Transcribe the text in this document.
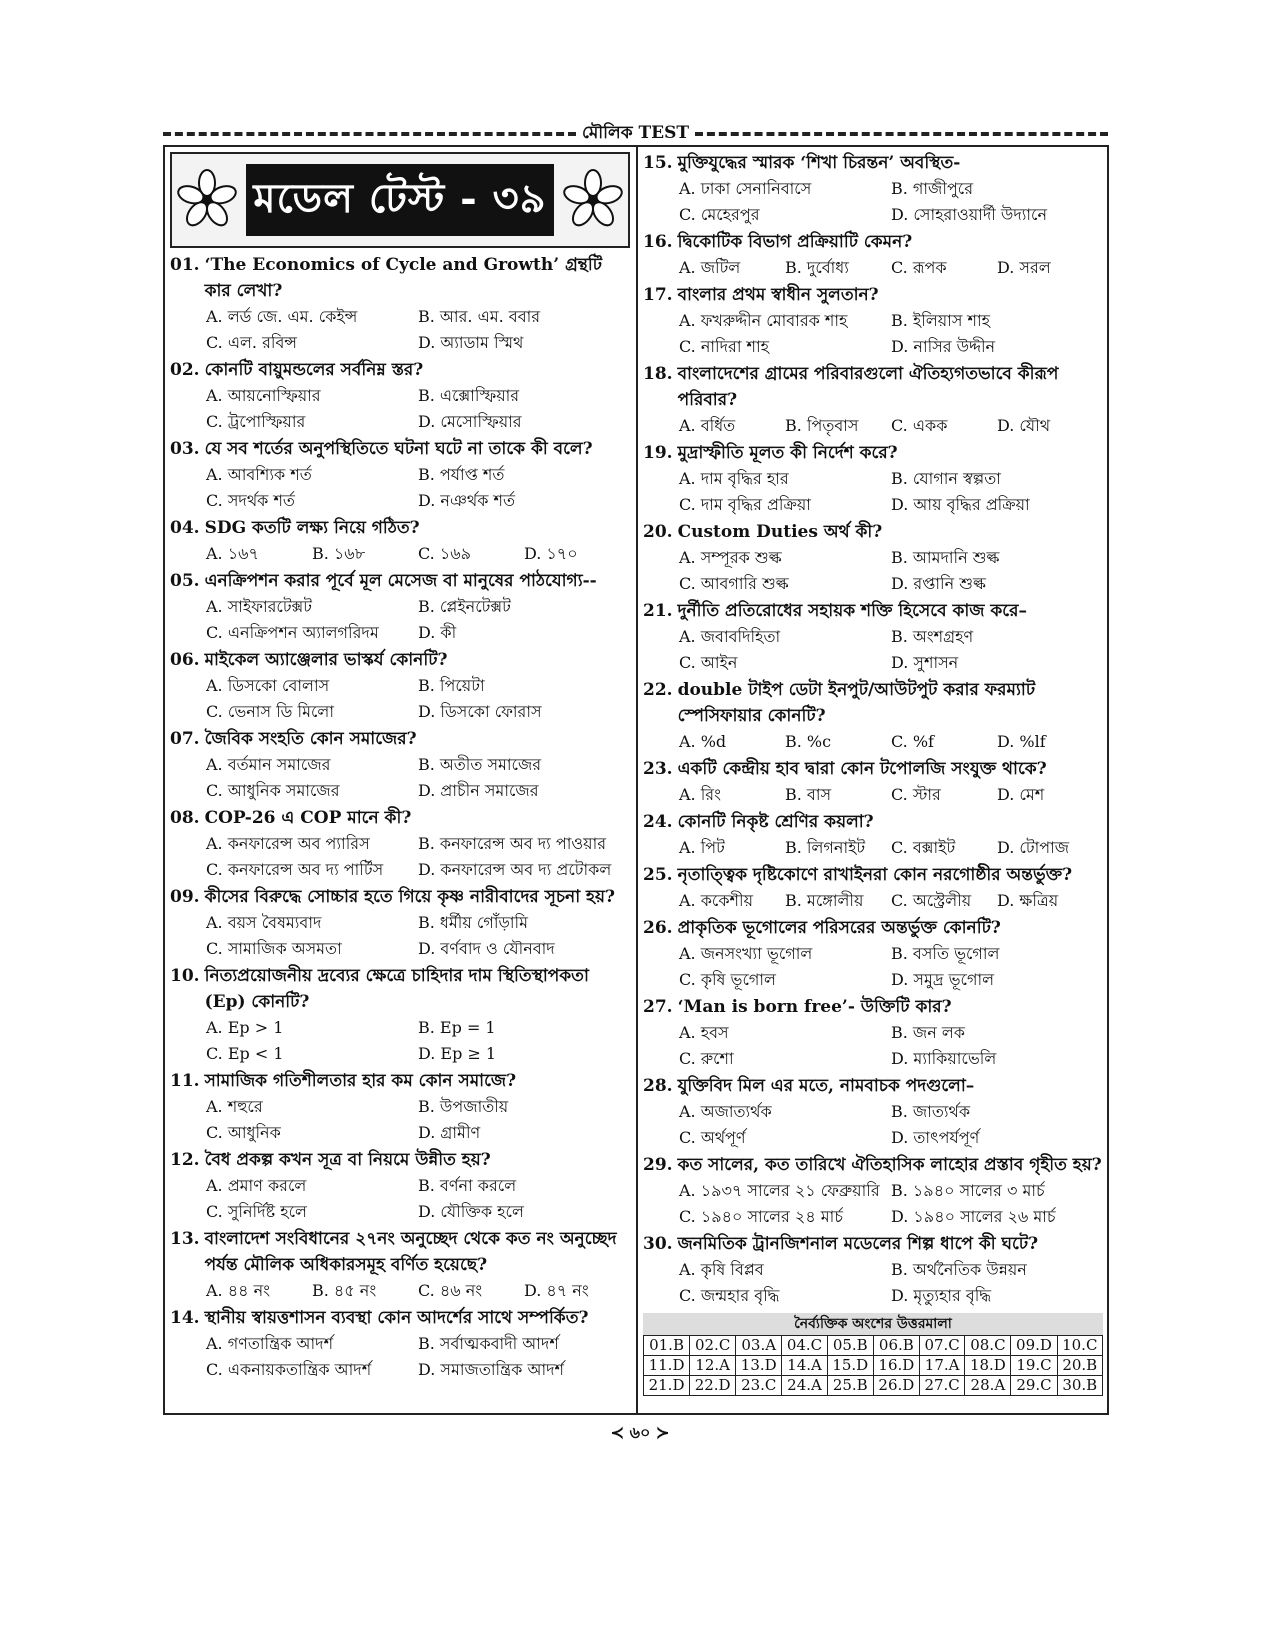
মৌলিক TEST
মডেল টেস্ট - ৩৯
01. ‘The Economics of Cycle and Growth’ গ্রন্থটি কার লেখা?
A. লর্ড জে. এম. কেইন্স	B. আর. এম. ববার
C. এল. রবিন্স	D. অ্যাডাম স্মিথ
02. কোনটি বায়ুমন্ডলের সর্বনিম্ন স্তর?
A. আয়নোস্ফিয়ার	B. এক্সোস্ফিয়ার
C. ট্রপোস্ফিয়ার	D. মেসোস্ফিয়ার
03. যে সব শর্তের অনুপস্থিতিতে ঘটনা ঘটে না তাকে কী বলে?
A. আবশ্যিক শর্ত	B. পর্যাপ্ত শর্ত
C. সদর্থক শর্ত	D. নঞর্থক শর্ত
04. SDG কতটি লক্ষ্য নিয়ে গঠিত?
A. ১৬৭	B. ১৬৮	C. ১৬৯	D. ১৭০
05. এনক্রিপশন করার পূর্বে মূল মেসেজ বা মানুষের পাঠযোগ্য--
A. সাইফারটেক্সট	B. প্লেইনটেক্সট
C. এনক্রিপশন অ্যালগরিদম	D. কী
06. মাইকেল অ্যাঞ্জেলার ভাস্কর্য কোনটি?
A. ডিসকো বোলাস	B. পিয়েটা
C. ভেনাস ডি মিলো	D. ডিসকো ফোরাস
07. জৈবিক সংহতি কোন সমাজের?
A. বর্তমান সমাজের	B. অতীত সমাজের
C. আধুনিক সমাজের	D. প্রাচীন সমাজের
08. COP-26 এ COP মানে কী?
A. কনফারেন্স অব প্যারিস	B. কনফারেন্স অব দ্য পাওয়ার
C. কনফারেন্স অব দ্য পার্টিস	D. কনফারেন্স অব দ্য প্রটোকল
09. কীসের বিরুদ্ধে সোচ্চার হতে গিয়ে কৃষ্ণ নারীবাদের সূচনা হয়?
A. বয়স বৈষম্যবাদ	B. ধর্মীয় গোঁড়ামি
C. সামাজিক অসমতা	D. বর্ণবাদ ও যৌনবাদ
10. নিত্যপ্রয়োজনীয় দ্রব্যের ক্ষেত্রে চাহিদার দাম স্থিতিস্থাপকতা (Ep) কোনটি?
A. Ep > 1	B. Ep = 1
C. Ep < 1	D. Ep ≥ 1
11. সামাজিক গতিশীলতার হার কম কোন সমাজে?
A. শহুরে	B. উপজাতীয়
C. আধুনিক	D. গ্রামীণ
12. বৈধ প্রকল্প কখন সূত্র বা নিয়মে উন্নীত হয়?
A. প্রমাণ করলে	B. বর্ণনা করলে
C. সুনির্দিষ্ট হলে	D. যৌক্তিক হলে
13. বাংলাদেশ সংবিধানের ২৭নং অনুচ্ছেদ থেকে কত নং অনুচ্ছেদ পর্যন্ত মৌলিক অধিকারসমূহ বর্ণিত হয়েছে?
A. ৪৪ নং	B. ৪৫ নং	C. ৪৬ নং	D. ৪৭ নং
14. স্থানীয় স্বায়ত্তশাসন ব্যবস্থা কোন আদর্শের সাথে সম্পর্কিত?
A. গণতান্ত্রিক আদর্শ	B. সর্বাত্মকবাদী আদর্শ
C. একনায়কতান্ত্রিক আদর্শ	D. সমাজতান্ত্রিক আদর্শ
15. মুক্তিযুদ্ধের স্মারক ‘শিখা চিরন্তন’ অবস্থিত-
A. ঢাকা সেনানিবাসে	B. গাজীপুরে
C. মেহেরপুর	D. সোহরাওয়ার্দী উদ্যানে
16. দ্বিকোটিক বিভাগ প্রক্রিয়াটি কেমন?
A. জটিল	B. দুর্বোধ্য	C. রূপক	D. সরল
17. বাংলার প্রথম স্বাধীন সুলতান?
A. ফখরুদ্দীন মোবারক শাহ	B. ইলিয়াস শাহ
C. নাদিরা শাহ	D. নাসির উদ্দীন
18. বাংলাদেশের গ্রামের পরিবারগুলো ঐতিহ্যগতভাবে কীরূপ পরিবার?
A. বর্ধিত	B. পিতৃবাস	C. একক	D. যৌথ
19. মুদ্রাস্ফীতি মূলত কী নির্দেশ করে?
A. দাম বৃদ্ধির হার	B. যোগান স্বল্পতা
C. দাম বৃদ্ধির প্রক্রিয়া	D. আয় বৃদ্ধির প্রক্রিয়া
20. Custom Duties অর্থ কী?
A. সম্পূরক শুল্ক	B. আমদানি শুল্ক
C. আবগারি শুল্ক	D. রপ্তানি শুল্ক
21. দুর্নীতি প্রতিরোধের সহায়ক শক্তি হিসেবে কাজ করে–
A. জবাবদিহিতা	B. অংশগ্রহণ
C. আইন	D. সুশাসন
22. double টাইপ ডেটা ইনপুট/আউটপুট করার ফরম্যাট স্পেসিফায়ার কোনটি?
A. %d	B. %c	C. %f	D. %lf
23. একটি কেন্দ্রীয় হাব দ্বারা কোন টপোলজি সংযুক্ত থাকে?
A. রিং	B. বাস	C. স্টার	D. মেশ
24. কোনটি নিকৃষ্ট শ্রেণির কয়লা?
A. পিট	B. লিগনাইট	C. বক্সাইট	D. টোপাজ
25. নৃতাত্ত্বিক দৃষ্টিকোণে রাখাইনরা কোন নরগোষ্ঠীর অন্তর্ভুক্ত?
A. ককেশীয়	B. মঙ্গোলীয়	C. অস্ট্রেলীয়	D. ক্ষত্রিয়
26. প্রাকৃতিক ভূগোলের পরিসরের অন্তর্ভুক্ত কোনটি?
A. জনসংখ্যা ভূগোল	B. বসতি ভূগোল
C. কৃষি ভূগোল	D. সমুদ্র ভূগোল
27. ‘Man is born free’- উক্তিটি কার?
A. হবস	B. জন লক
C. রুশো	D. ম্যাকিয়াভেলি
28. যুক্তিবিদ মিল এর মতে, নামবাচক পদগুলো–
A. অজাত্যর্থক	B. জাত্যর্থক
C. অর্থপূর্ণ	D. তাৎপর্যপূর্ণ
29. কত সালের, কত তারিখে ঐতিহাসিক লাহোর প্রস্তাব গৃহীত হয়?
A. ১৯৩৭ সালের ২১ ফেব্রুয়ারি B. ১৯৪০ সালের ৩ মার্চ
C. ১৯৪০ সালের ২৪ মার্চ	D. ১৯৪০ সালের ২৬ মার্চ
30. জনমিতিক ট্রানজিশনাল মডেলের শিল্প ধাপে কী ঘটে?
A. কৃষি বিপ্লব	B. অর্থনৈতিক উন্নয়ন
C. জন্মহার বৃদ্ধি	D. মৃত্যুহার বৃদ্ধি
নৈর্ব্যক্তিক অংশের উত্তরমালা
01.B	02.C	03.A	04.C	05.B	06.B	07.C	08.C	09.D	10.C
11.D	12.A	13.D	14.A	15.D	16.D	17.A	18.D	19.C	20.B
21.D	22.D	23.C	24.A	25.B	26.D	27.C	28.A	29.C	30.B
≺ ৬০ ≻
